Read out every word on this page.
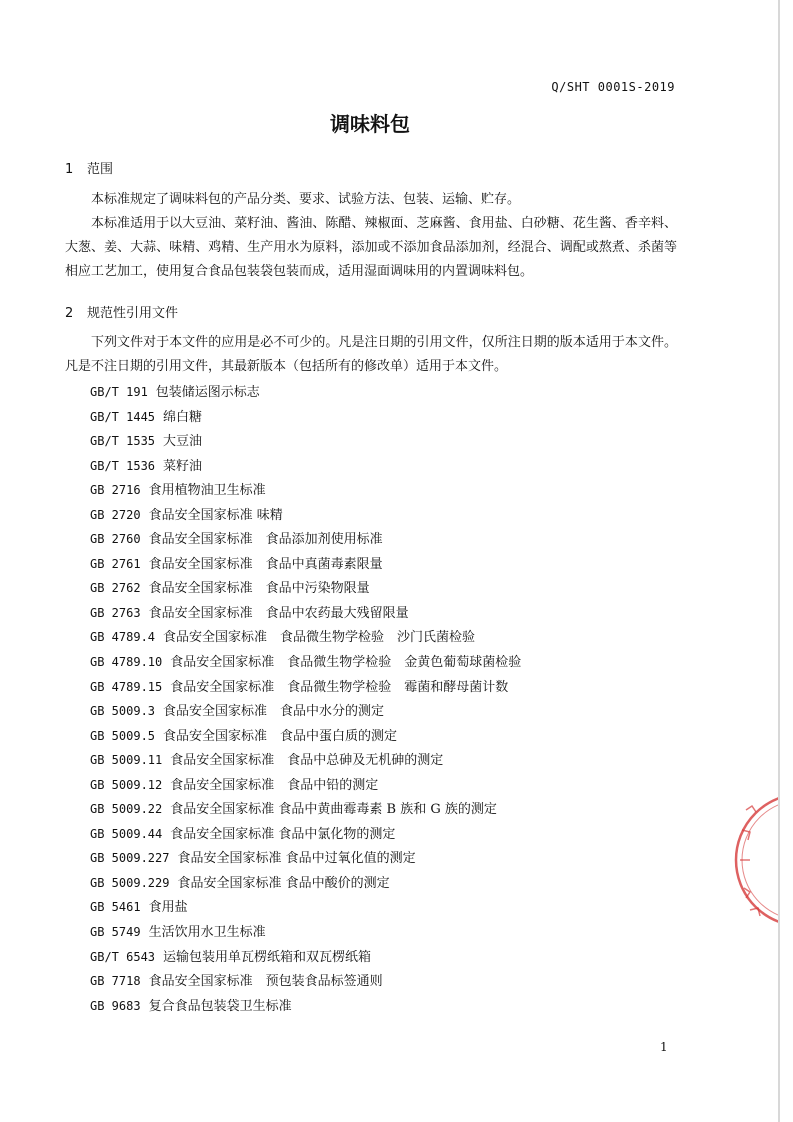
Q/SHT 0001S-2019
调味料包
1 范围
本标准规定了调味料包的产品分类、要求、试验方法、包装、运输、贮存。
本标准适用于以大豆油、菜籽油、酱油、陈醋、辣椒面、芝麻酱、食用盐、白砂糖、花生酱、香辛料、大葱、姜、大蒜、味精、鸡精、生产用水为原料，添加或不添加食品添加剂，经混合、调配或熬煮、杀菌等相应工艺加工，使用复合食品包装袋包装而成，适用湿面调味用的内置调味料包。
2 规范性引用文件
下列文件对于本文件的应用是必不可少的。凡是注日期的引用文件，仅所注日期的版本适用于本文件。凡是不注日期的引用文件，其最新版本（包括所有的修改单）适用于本文件。
GB/T 191 包装储运图示标志
GB/T 1445 绵白糖
GB/T 1535 大豆油
GB/T 1536 菜籽油
GB 2716 食用植物油卫生标准
GB 2720 食品安全国家标准 味精
GB 2760 食品安全国家标准　食品添加剂使用标准
GB 2761 食品安全国家标准　食品中真菌毒素限量
GB 2762 食品安全国家标准　食品中污染物限量
GB 2763 食品安全国家标准　食品中农药最大残留限量
GB 4789.4 食品安全国家标准　食品微生物学检验　沙门氏菌检验
GB 4789.10 食品安全国家标准　食品微生物学检验　金黄色葡萄球菌检验
GB 4789.15 食品安全国家标准　食品微生物学检验　霉菌和酵母菌计数
GB 5009.3 食品安全国家标准　食品中水分的测定
GB 5009.5 食品安全国家标准　食品中蛋白质的测定
GB 5009.11 食品安全国家标准　食品中总砷及无机砷的测定
GB 5009.12 食品安全国家标准　食品中铅的测定
GB 5009.22 食品安全国家标准 食品中黄曲霉毒素 B 族和 G 族的测定
GB 5009.44 食品安全国家标准 食品中氯化物的测定
GB 5009.227 食品安全国家标准 食品中过氧化值的测定
GB 5009.229 食品安全国家标准 食品中酸价的测定
GB 5461 食用盐
GB 5749 生活饮用水卫生标准
GB/T 6543 运输包装用单瓦楞纸箱和双瓦楞纸箱
GB 7718 食品安全国家标准　预包装食品标签通则
GB 9683 复合食品包装袋卫生标准
1
